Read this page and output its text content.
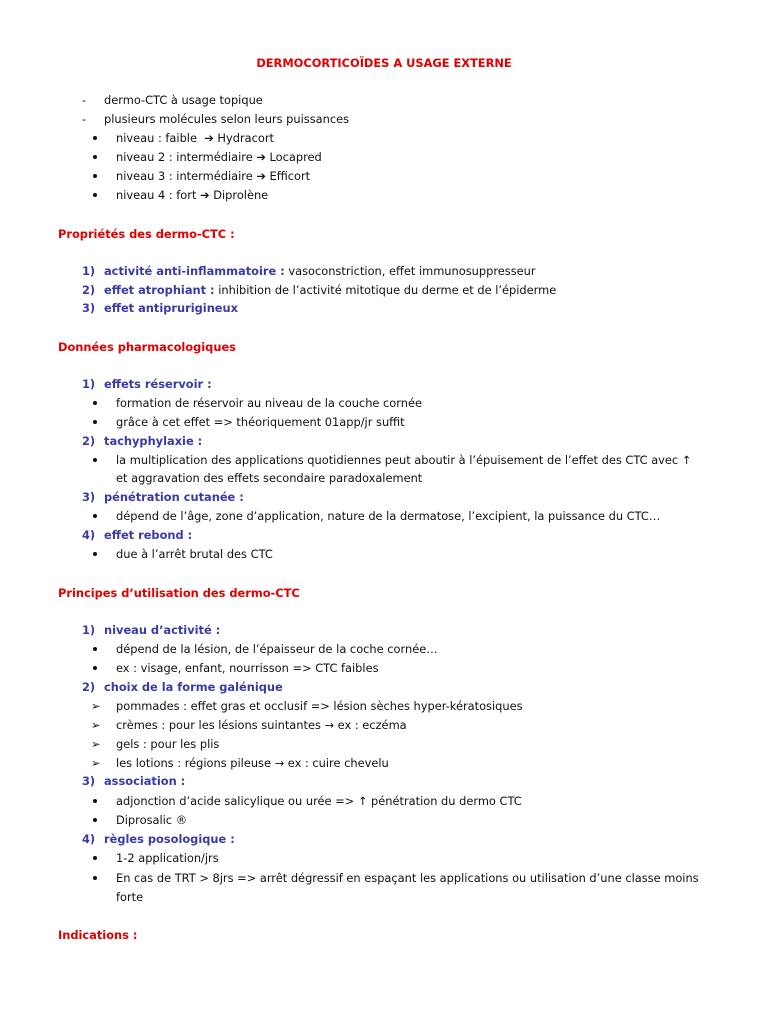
DERMOCORTICOÏDES A USAGE EXTERNE
- dermo-CTC à usage topique
- plusieurs molécules selon leurs puissances
niveau : faible ➔ Hydracort
niveau 2 : intermédiaire ➔ Locapred
niveau 3 : intermédiaire ➔ Efficort
niveau 4 : fort ➔ Diprolène
Propriétés des dermo-CTC :
1) activité anti-inflammatoire : vasoconstriction, effet immunosuppresseur
2) effet atrophiant : inhibition de l’activité mitotique du derme et de l’épiderme
3) effet antiprurigineux
Données pharmacologiques
1) effets réservoir :
formation de réservoir au niveau de la couche cornée
grâce à cet effet => théoriquement 01app/jr suffit
2) tachyphylaxie :
la multiplication des applications quotidiennes peut aboutir à l’épuisement de l’effet des CTC avec ↑
et aggravation des effets secondaire paradoxalement
3) pénétration cutanée :
dépend de l’âge, zone d’application, nature de la dermatose, l’excipient, la puissance du CTC…
4) effet rebond :
due à l’arrêt brutal des CTC
Principes d’utilisation des dermo-CTC
1) niveau d’activité :
dépend de la lésion, de l’épaisseur de la coche cornée…
ex : visage, enfant, nourrisson => CTC faibles
2) choix de la forme galénique
➢ pommades : effet gras et occlusif => lésion sèches hyper-kératosiques
➢ crèmes : pour les lésions suintantes → ex : eczéma
➢ gels : pour les plis
➢ les lotions : régions pileuse → ex : cuire chevelu
3) association :
adjonction d’acide salicylique ou urée => ↑ pénétration du dermo CTC
Diprosalic ®
4) règles posologique :
1-2 application/jrs
En cas de TRT > 8jrs => arrêt dégressif en espaçant les applications ou utilisation d’une classe moins
forte
Indications :
